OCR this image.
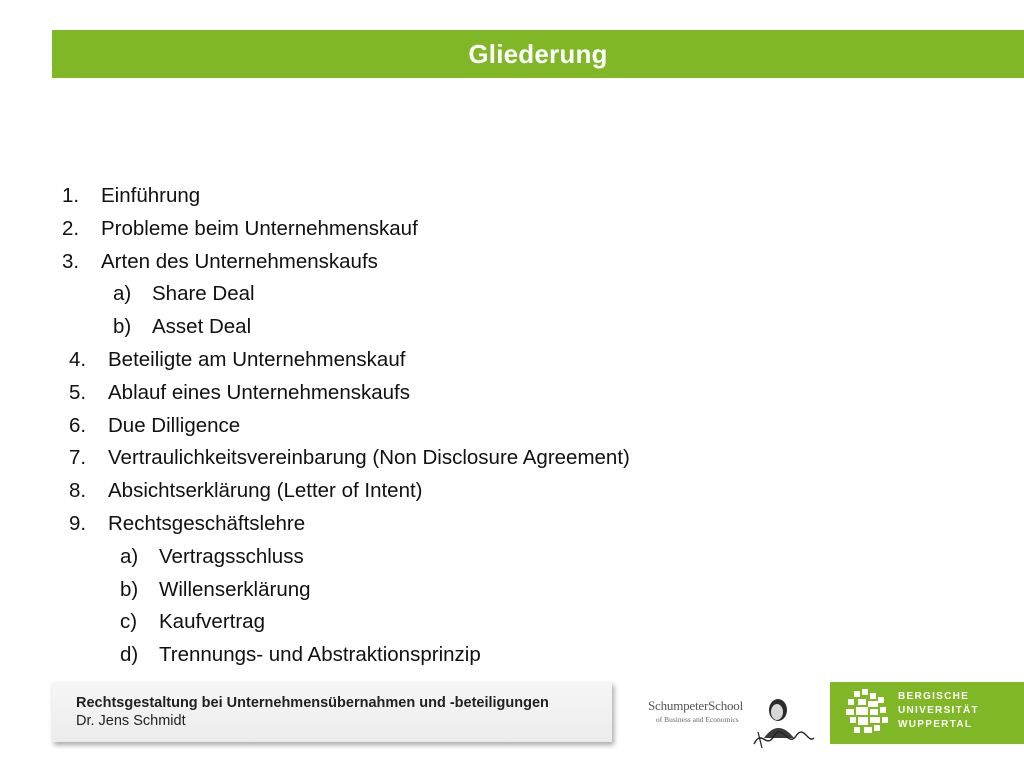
Gliederung
1. Einführung
2. Probleme beim Unternehmenskauf
3. Arten des Unternehmenskaufs
a) Share Deal
b) Asset Deal
4. Beteiligte am Unternehmenskauf
5. Ablauf eines Unternehmenskaufs
6. Due Dilligence
7. Vertraulichkeitsvereinbarung (Non Disclosure Agreement)
8. Absichtserklärung (Letter of Intent)
9. Rechtsgeschäftslehre
a) Vertragsschluss
b) Willenserklärung
c) Kaufvertrag
d) Trennungs- und Abstraktionsprinzip
Rechtsgestaltung bei Unternehmensübernahmen und -beteiligungen
Dr. Jens Schmidt
SchumpeterSchool
of Business and Economics
BERGISCHE
UNIVERSITÄT
WUPPERTAL
